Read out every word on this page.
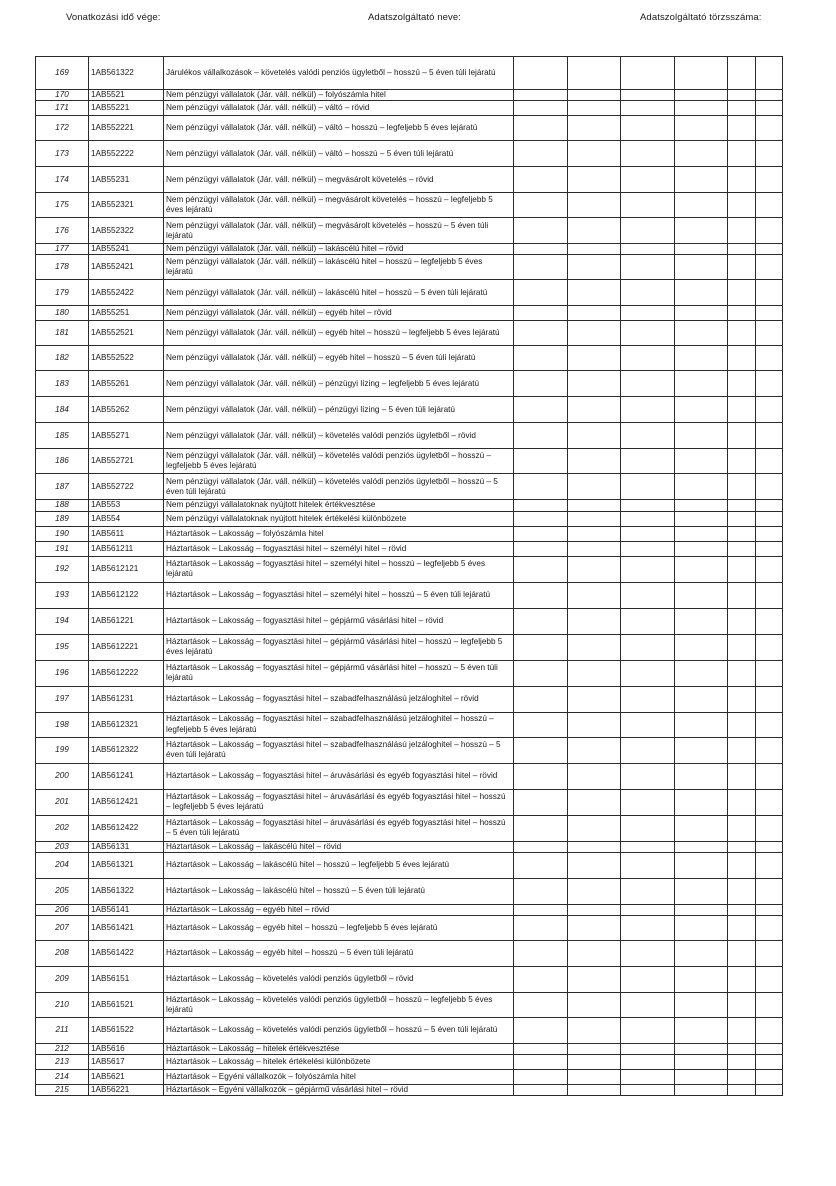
Vonatkozási idő vége:	Adatszolgáltató neve:	Adatszolgáltató törzsszáma:
169	1AB561322	Járulékos vállalkozások – követelés valódi penziós ügyletből – hosszú – 5 éven túli lejáratú						
170	1AB5521	Nem pénzügyi vállalatok (Jár. váll. nélkül) – folyószámla hitel						
171	1AB55221	Nem pénzügyi vállalatok (Jár. váll. nélkül) – váltó – rövid						
172	1AB552221	Nem pénzügyi vállalatok (Jár. váll. nélkül) – váltó – hosszú – legfeljebb 5 éves lejáratú						
173	1AB552222	Nem pénzügyi vállalatok (Jár. váll. nélkül) – váltó – hosszú – 5 éven túli lejáratú						
174	1AB55231	Nem pénzügyi vállalatok (Jár. váll. nélkül) – megvásárolt követelés – rövid						
175	1AB552321	Nem pénzügyi vállalatok (Jár. váll. nélkül) – megvásárolt követelés – hosszú – legfeljebb 5 éves lejáratú						
176	1AB552322	Nem pénzügyi vállalatok (Jár. váll. nélkül) – megvásárolt követelés – hosszú – 5 éven túli lejáratú						
177	1AB55241	Nem pénzügyi vállalatok (Jár. váll. nélkül) – lakáscélú hitel – rövid						
178	1AB552421	Nem pénzügyi vállalatok (Jár. váll. nélkül) – lakáscélú hitel – hosszú – legfeljebb 5 éves lejáratú						
179	1AB552422	Nem pénzügyi vállalatok (Jár. váll. nélkül) – lakáscélú hitel – hosszú – 5 éven túli lejáratú						
180	1AB55251	Nem pénzügyi vállalatok (Jár. váll. nélkül) – egyéb hitel – rövid						
181	1AB552521	Nem pénzügyi vállalatok (Jár. váll. nélkül) – egyéb hitel – hosszú – legfeljebb 5 éves lejáratú						
182	1AB552522	Nem pénzügyi vállalatok (Jár. váll. nélkül) – egyéb hitel – hosszú – 5 éven túli lejáratú						
183	1AB55261	Nem pénzügyi vállalatok (Jár. váll. nélkül) – pénzügyi lízing – legfeljebb 5 éves lejáratú						
184	1AB55262	Nem pénzügyi vállalatok (Jár. váll. nélkül) – pénzügyi lízing – 5 éven túli lejáratú						
185	1AB55271	Nem pénzügyi vállalatok (Jár. váll. nélkül) – követelés valódi penziós ügyletből – rövid						
186	1AB552721	Nem pénzügyi vállalatok (Jár. váll. nélkül) – követelés valódi penziós ügyletből – hosszú – legfeljebb 5 éves lejáratú						
187	1AB552722	Nem pénzügyi vállalatok (Jár. váll. nélkül) – követelés valódi penziós ügyletből – hosszú – 5 éven túli lejáratú						
188	1AB553	Nem pénzügyi vállalatoknak nyújtott hitelek értékvesztése						
189	1AB554	Nem pénzügyi vállalatoknak nyújtott hitelek értékelési különbözete						
190	1AB5611	Háztartások – Lakosság – folyószámla hitel						
191	1AB561211	Háztartások – Lakosság – fogyasztási hitel – személyi hitel – rövid						
192	1AB5612121	Háztartások – Lakosság – fogyasztási hitel – személyi hitel – hosszú – legfeljebb 5 éves lejáratú						
193	1AB5612122	Háztartások – Lakosság – fogyasztási hitel – személyi hitel – hosszú – 5 éven túli lejáratú						
194	1AB561221	Háztartások – Lakosság – fogyasztási hitel – gépjármű vásárlási hitel – rövid						
195	1AB5612221	Háztartások – Lakosság – fogyasztási hitel – gépjármű vásárlási hitel – hosszú – legfeljebb 5 éves lejáratú						
196	1AB5612222	Háztartások – Lakosság – fogyasztási hitel – gépjármű vásárlási hitel – hosszú – 5 éven túli lejáratú						
197	1AB561231	Háztartások – Lakosság – fogyasztási hitel – szabadfelhasználású jelzáloghitel – rövid						
198	1AB5612321	Háztartások – Lakosság – fogyasztási hitel – szabadfelhasználású jelzáloghitel – hosszú – legfeljebb 5 éves lejáratú						
199	1AB5612322	Háztartások – Lakosság – fogyasztási hitel – szabadfelhasználású jelzáloghitel – hosszú – 5 éven túli lejáratú						
200	1AB561241	Háztartások – Lakosság – fogyasztási hitel – áruvásárlási és egyéb fogyasztási hitel – rövid						
201	1AB5612421	Háztartások – Lakosság – fogyasztási hitel – áruvásárlási és egyéb fogyasztási hitel – hosszú – legfeljebb 5 éves lejáratú						
202	1AB5612422	Háztartások – Lakosság – fogyasztási hitel – áruvásárlási és egyéb fogyasztási hitel – hosszú – 5 éven túli lejáratú						
203	1AB56131	Háztartások – Lakosság – lakáscélú hitel – rövid						
204	1AB561321	Háztartások – Lakosság – lakáscélú hitel – hosszú – legfeljebb 5 éves lejáratú						
205	1AB561322	Háztartások – Lakosság – lakáscélú hitel – hosszú – 5 éven túli lejáratú						
206	1AB56141	Háztartások – Lakosság – egyéb hitel – rövid						
207	1AB561421	Háztartások – Lakosság – egyéb hitel – hosszú – legfeljebb 5 éves lejáratú						
208	1AB561422	Háztartások – Lakosság – egyéb hitel – hosszú – 5 éven túli lejáratú						
209	1AB56151	Háztartások – Lakosság – követelés valódi penziós ügyletből – rövid						
210	1AB561521	Háztartások – Lakosság – követelés valódi penziós ügyletből – hosszú – legfeljebb 5 éves lejáratú						
211	1AB561522	Háztartások – Lakosság – követelés valódi penziós ügyletből – hosszú – 5 éven túli lejáratú						
212	1AB5616	Háztartások – Lakosság – hitelek értékvesztése						
213	1AB5617	Háztartások – Lakosság – hitelek értékelési különbözete						
214	1AB5621	Háztartások – Egyéni vállalkozók – folyószámla hitel						
215	1AB56221	Háztartások – Egyéni vállalkozók – gépjármű vásárlási hitel – rövid						
